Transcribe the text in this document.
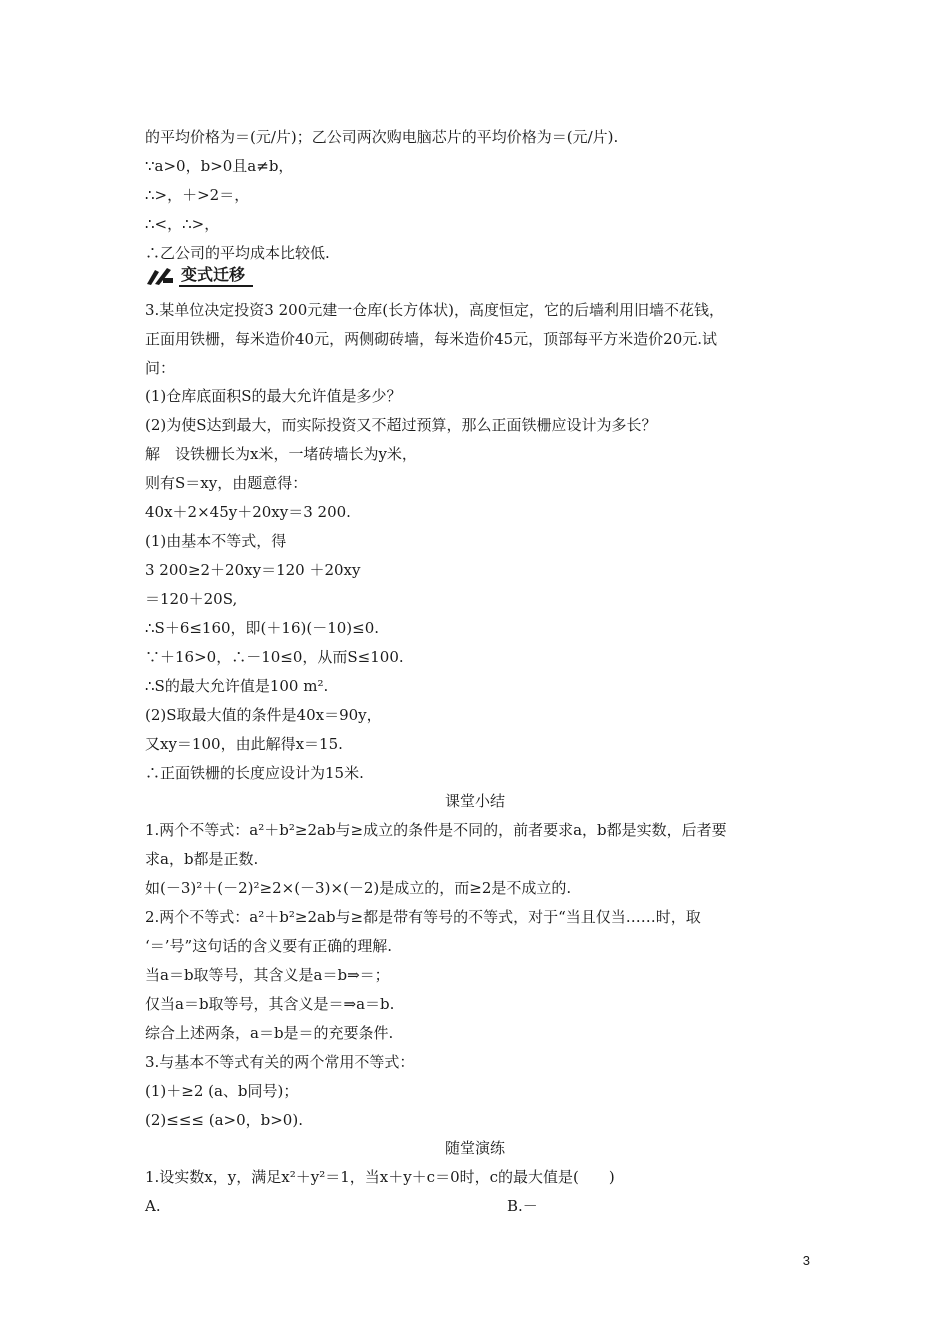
变式迁移
的平均价格为＝(元/片)；乙公司两次购电脑芯片的平均价格为＝(元/片).
∵a>0，b>0且a≠b，
∴>，＋>2＝，
∴<，∴>，
∴乙公司的平均成本比较低.
3.某单位决定投资3 200元建一仓库(长方体状)，高度恒定，它的后墙利用旧墙不花钱，
正面用铁栅，每米造价40元，两侧砌砖墙，每米造价45元，顶部每平方米造价20元.试
问：
(1)仓库底面积S的最大允许值是多少？
(2)为使S达到最大，而实际投资又不超过预算，那么正面铁栅应设计为多长？
解　设铁栅长为x米，一堵砖墙长为y米，
则有S＝xy，由题意得：
40x＋2×45y＋20xy＝3 200.
(1)由基本不等式，得
3 200≥2＋20xy＝120 ＋20xy
＝120＋20S,
∴S＋6≤160，即(＋16)(－10)≤0.
∵＋16>0，∴－10≤0，从而S≤100.
∴S的最大允许值是100 m².
(2)S取最大值的条件是40x＝90y，
又xy＝100，由此解得x＝15.
∴正面铁栅的长度应设计为15米.
课堂小结
1.两个不等式：a²＋b²≥2ab与≥成立的条件是不同的，前者要求a，b都是实数，后者要
求a，b都是正数.
如(－3)²＋(－2)²≥2×(－3)×(－2)是成立的，而≥2是不成立的.
2.两个不等式：a²＋b²≥2ab与≥都是带有等号的不等式，对于“当且仅当……时，取
‘＝’号”这句话的含义要有正确的理解.
当a＝b取等号，其含义是a＝b⇒＝；
仅当a＝b取等号，其含义是＝⇒a＝b.
综合上述两条，a＝b是＝的充要条件.
3.与基本不等式有关的两个常用不等式：
(1)＋≥2 (a、b同号)；
(2)≤≤≤ (a>0，b>0).
随堂演练
1.设实数x，y，满足x²＋y²＝1，当x＋y＋c＝0时，c的最大值是(　　)
A.	B.－
3
